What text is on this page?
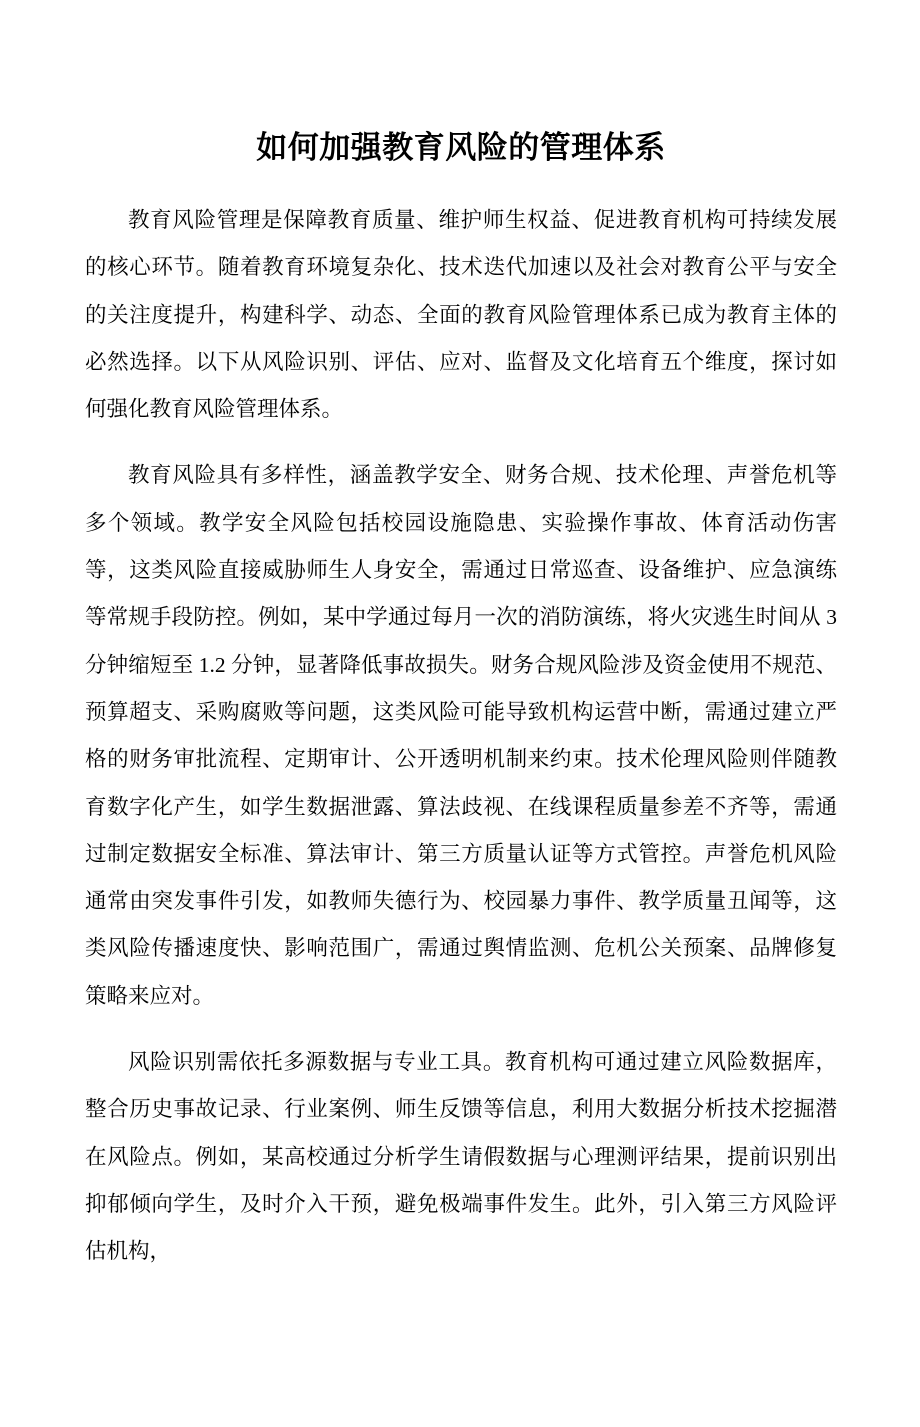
如何加强教育风险的管理体系

教育风险管理是保障教育质量、维护师生权益、促进教育机构可持续发展的核心环节。随着教育环境复杂化、技术迭代加速以及社会对教育公平与安全的关注度提升，构建科学、动态、全面的教育风险管理体系已成为教育主体的必然选择。以下从风险识别、评估、应对、监督及文化培育五个维度，探讨如何强化教育风险管理体系。

教育风险具有多样性，涵盖教学安全、财务合规、技术伦理、声誉危机等多个领域。教学安全风险包括校园设施隐患、实验操作事故、体育活动伤害等，这类风险直接威胁师生人身安全，需通过日常巡查、设备维护、应急演练等常规手段防控。例如，某中学通过每月一次的消防演练，将火灾逃生时间从 3 分钟缩短至 1.2 分钟，显著降低事故损失。财务合规风险涉及资金使用不规范、预算超支、采购腐败等问题，这类风险可能导致机构运营中断，需通过建立严格的财务审批流程、定期审计、公开透明机制来约束。技术伦理风险则伴随教育数字化产生，如学生数据泄露、算法歧视、在线课程质量参差不齐等，需通过制定数据安全标准、算法审计、第三方质量认证等方式管控。声誉危机风险通常由突发事件引发，如教师失德行为、校园暴力事件、教学质量丑闻等，这类风险传播速度快、影响范围广，需通过舆情监测、危机公关预案、品牌修复策略来应对。

风险识别需依托多源数据与专业工具。教育机构可通过建立风险数据库，整合历史事故记录、行业案例、师生反馈等信息，利用大数据分析技术挖掘潜在风险点。例如，某高校通过分析学生请假数据与心理测评结果，提前识别出抑郁倾向学生，及时介入干预，避免极端事件发生。此外，引入第三方风险评估机构，
